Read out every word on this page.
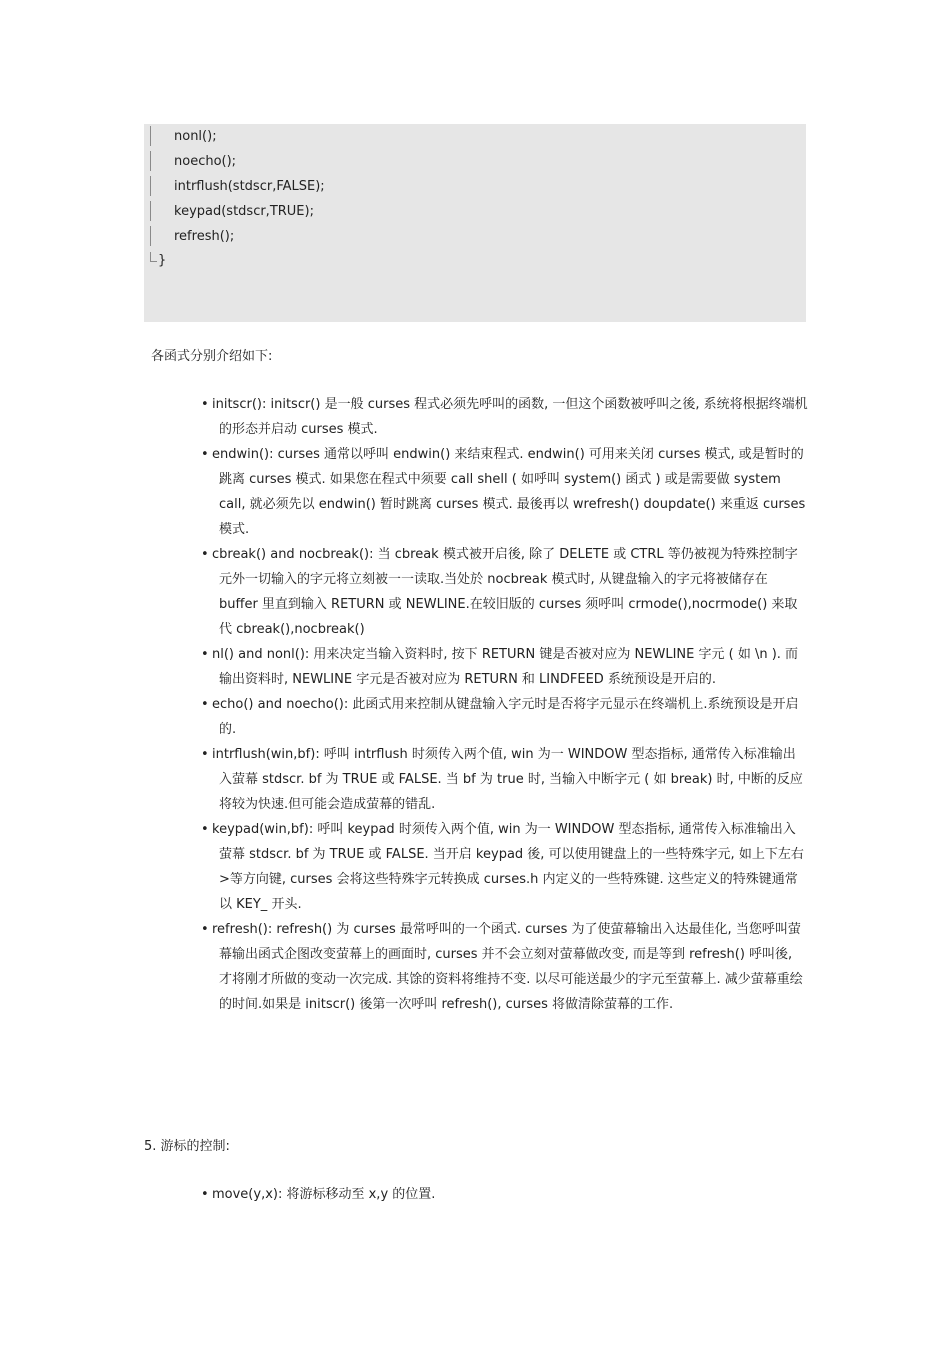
nonl();

noecho();

intrflush(stdscr,FALSE);

keypad(stdscr,TRUE);

refresh();

}
各函式分别介绍如下:
• initscr(): initscr() 是一般 curses 程式必须先呼叫的函数, 一但这个函数被呼叫之後, 系统将根据终端机的形态并启动 curses 模式.
• endwin(): curses 通常以呼叫 endwin() 来结束程式. endwin() 可用来关闭 curses 模式, 或是暂时的跳离 curses 模式. 如果您在程式中须要 call shell ( 如呼叫 system() 函式 ) 或是需要做 system call, 就必须先以 endwin() 暂时跳离 curses 模式. 最後再以 wrefresh() doupdate() 来重返 curses 模式.
• cbreak() and nocbreak(): 当 cbreak 模式被开启後, 除了 DELETE 或 CTRL 等仍被视为特殊控制字元外一切输入的字元将立刻被一一读取.当处於 nocbreak 模式时, 从键盘输入的字元将被储存在 buffer 里直到输入 RETURN 或 NEWLINE.在较旧版的 curses 须呼叫 crmode(),nocrmode() 来取代 cbreak(),nocbreak()
• nl() and nonl(): 用来决定当输入资料时, 按下 RETURN 键是否被对应为 NEWLINE 字元 ( 如 \n ). 而输出资料时, NEWLINE 字元是否被对应为 RETURN 和 LINDFEED 系统预设是开启的.
• echo() and noecho(): 此函式用来控制从键盘输入字元时是否将字元显示在终端机上.系统预设是开启的.
• intrflush(win,bf): 呼叫 intrflush 时须传入两个值, win 为一 WINDOW 型态指标, 通常传入标准输出入萤幕 stdscr. bf 为 TRUE 或 FALSE. 当 bf 为 true 时, 当输入中断字元 ( 如 break) 时, 中断的反应将较为快速.但可能会造成萤幕的错乱.
• keypad(win,bf): 呼叫 keypad 时须传入两个值, win 为一 WINDOW 型态指标, 通常传入标准输出入萤幕 stdscr. bf 为 TRUE 或 FALSE. 当开启 keypad 後, 可以使用键盘上的一些特殊字元, 如上下左右>等方向键, curses 会将这些特殊字元转换成 curses.h 内定义的一些特殊键. 这些定义的特殊键通常以 KEY_ 开头.
• refresh(): refresh() 为 curses 最常呼叫的一个函式. curses 为了使萤幕输出入达最佳化, 当您呼叫萤幕输出函式企图改变萤幕上的画面时, curses 并不会立刻对萤幕做改变, 而是等到 refresh() 呼叫後, 才将刚才所做的变动一次完成. 其馀的资料将维持不变. 以尽可能送最少的字元至萤幕上. 减少萤幕重绘的时间.如果是 initscr() 後第一次呼叫 refresh(), curses 将做清除萤幕的工作.
5. 游标的控制:
• move(y,x): 将游标移动至 x,y 的位置.
